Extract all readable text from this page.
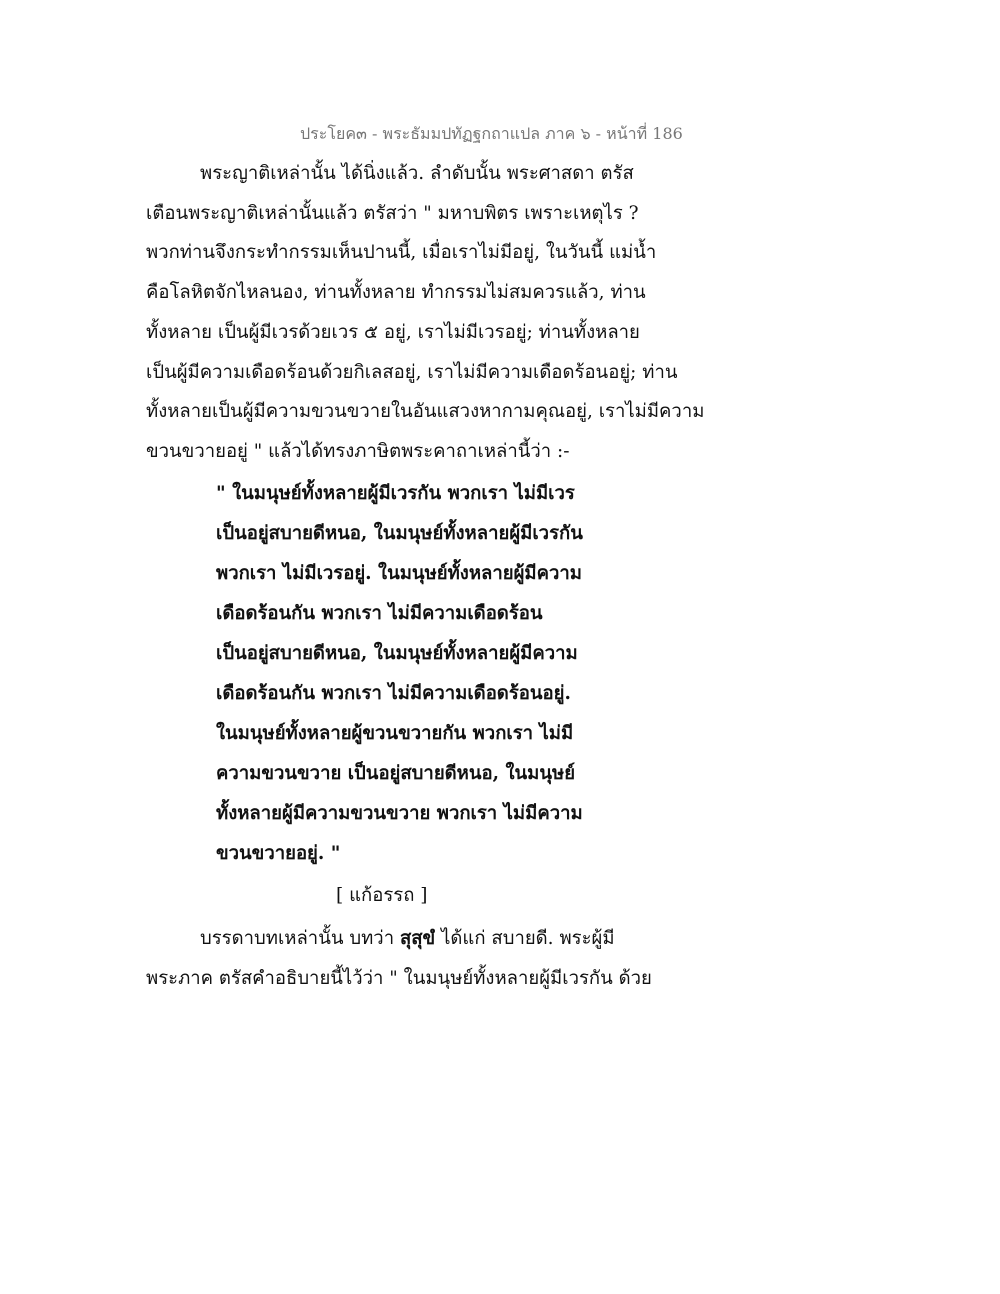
ประโยค๓ - พระธัมมปทัฏฐกถาแปล ภาค ๖ - หน้าที่ 186
พระญาติเหล่านั้น ได้นิ่งแล้ว. ลำดับนั้น พระศาสดา ตรัส
เตือนพระญาติเหล่านั้นแล้ว ตรัสว่า " มหาบพิตร เพราะเหตุไร ?
พวกท่านจึงกระทำกรรมเห็นปานนี้, เมื่อเราไม่มีอยู่, ในวันนี้ แม่น้ำ
คือโลหิตจักไหลนอง, ท่านทั้งหลาย ทำกรรมไม่สมควรแล้ว, ท่าน
ทั้งหลาย เป็นผู้มีเวรด้วยเวร ๕ อยู่, เราไม่มีเวรอยู่; ท่านทั้งหลาย
เป็นผู้มีความเดือดร้อนด้วยกิเลสอยู่, เราไม่มีความเดือดร้อนอยู่; ท่าน
ทั้งหลายเป็นผู้มีความขวนขวายในอันแสวงหากามคุณอยู่, เราไม่มีความ
ขวนขวายอยู่ " แล้วได้ทรงภาษิตพระคาถาเหล่านี้ว่า :-
" ในมนุษย์ทั้งหลายผู้มีเวรกัน พวกเรา ไม่มีเวร
เป็นอยู่สบายดีหนอ, ในมนุษย์ทั้งหลายผู้มีเวรกัน
พวกเรา ไม่มีเวรอยู่. ในมนุษย์ทั้งหลายผู้มีความ
เดือดร้อนกัน พวกเรา ไม่มีความเดือดร้อน
เป็นอยู่สบายดีหนอ, ในมนุษย์ทั้งหลายผู้มีความ
เดือดร้อนกัน พวกเรา ไม่มีความเดือดร้อนอยู่.
ในมนุษย์ทั้งหลายผู้ขวนขวายกัน พวกเรา ไม่มี
ความขวนขวาย เป็นอยู่สบายดีหนอ, ในมนุษย์
ทั้งหลายผู้มีความขวนขวาย พวกเรา ไม่มีความ
ขวนขวายอยู่. "
[ แก้อรรถ ]
บรรดาบทเหล่านั้น บทว่า สุสุขํ ได้แก่ สบายดี. พระผู้มี
พระภาค ตรัสคำอธิบายนี้ไว้ว่า " ในมนุษย์ทั้งหลายผู้มีเวรกัน ด้วย
